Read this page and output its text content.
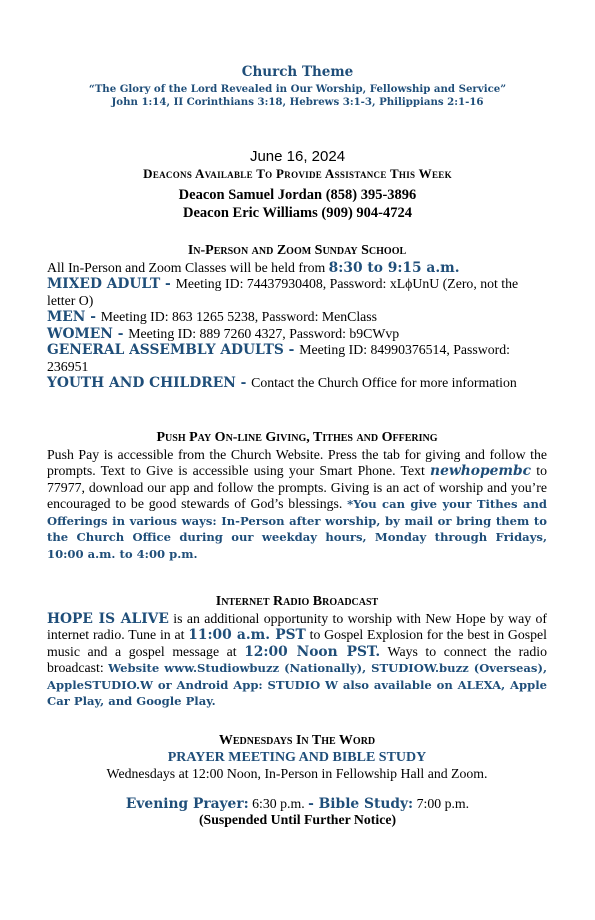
Church Theme
“The Glory of the Lord Revealed in Our Worship, Fellowship and Service”
John 1:14, II Corinthians 3:18, Hebrews 3:1-3, Philippians 2:1-16
June 16, 2024
Deacons Available To Provide Assistance This Week
Deacon Samuel Jordan (858) 395-3896
Deacon Eric Williams (909) 904-4724

In-Person and Zoom Sunday School

All In-Person and Zoom Classes will be held from 8:30 to 9:15 a.m.

MIXED ADULT - Meeting ID: 74437930408, Password: xLϕUnU (Zero, not the letter O)

MEN - Meeting ID: 863 1265 5238, Password: MenClass

WOMEN - Meeting ID: 889 7260 4327, Password: b9CWvp

GENERAL ASSEMBLY ADULTS - Meeting ID: 84990376514, Password: 236951

YOUTH AND CHILDREN - Contact the Church Office for more information

Push Pay On-line Giving, Tithes and Offering

Push Pay is accessible from the Church Website. Press the tab for giving and follow the prompts. Text to Give is accessible using your Smart Phone. Text newhopembc to 77977, download our app and follow the prompts. Giving is an act of worship and you’re encouraged to be good stewards of God’s blessings. *You can give your Tithes and Offerings in various ways: In-Person after worship, by mail or bring them to the Church Office during our weekday hours, Monday through Fridays, 10:00 a.m. to 4:00 p.m.

Internet Radio Broadcast

HOPE IS ALIVE is an additional opportunity to worship with New Hope by way of internet radio. Tune in at 11:00 a.m. PST to Gospel Explosion for the best in Gospel music and a gospel message at 12:00 Noon PST. Ways to connect the radio broadcast: Website www.Studiowbuzz (Nationally), STUDIOW.buzz (Overseas), AppleSTUDIO.W or Android App: STUDIO W also available on ALEXA, Apple Car Play, and Google Play.

Wednesdays In The Word

PRAYER MEETING AND BIBLE STUDY

Wednesdays at 12:00 Noon, In-Person in Fellowship Hall and Zoom.

Evening Prayer: 6:30 p.m. - Bible Study: 7:00 p.m.
(Suspended Until Further Notice)
